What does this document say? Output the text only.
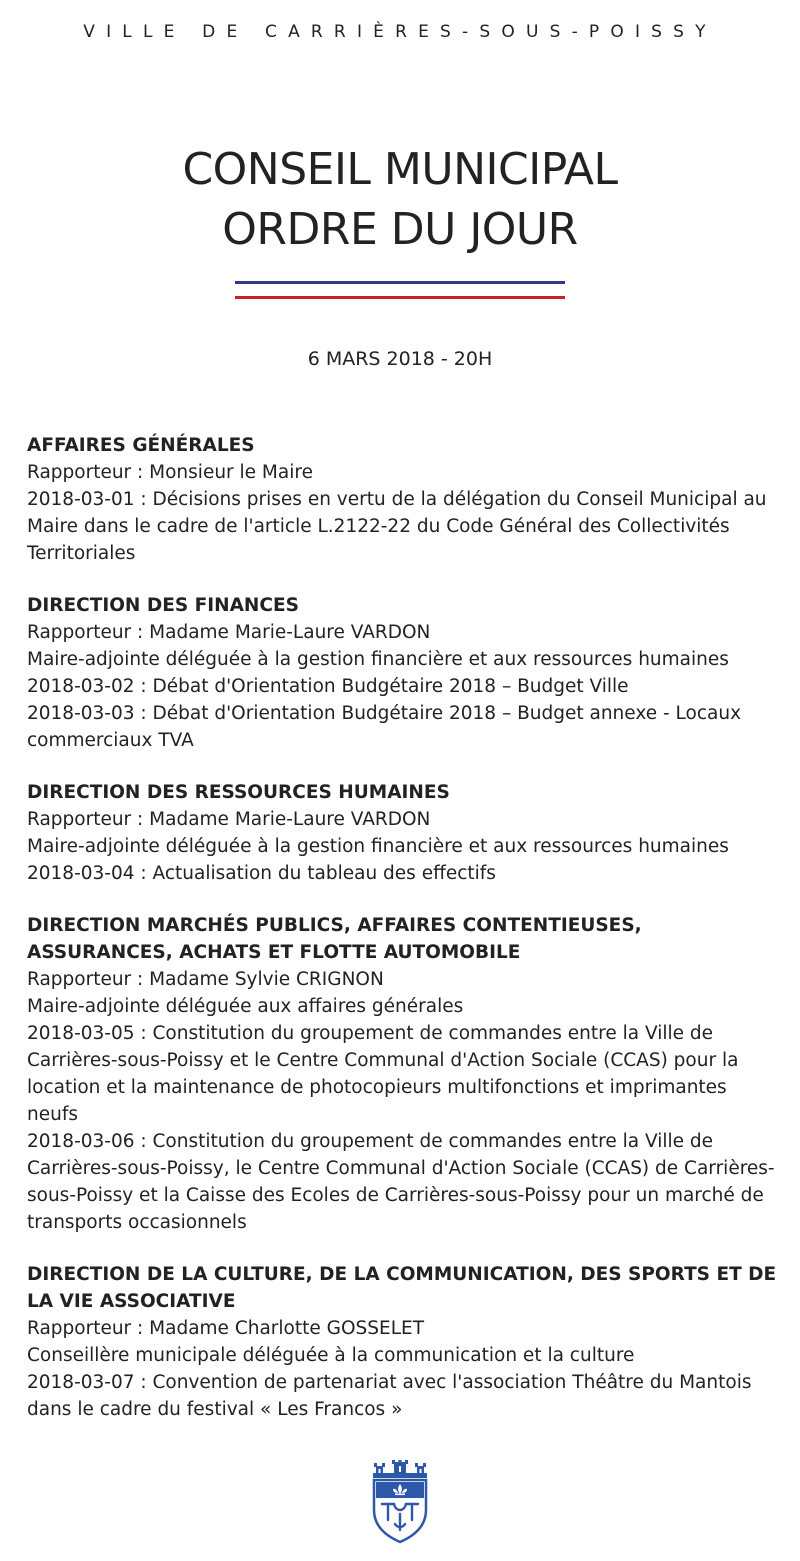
VILLE DE CARRIÈRES-SOUS-POISSY
CONSEIL MUNICIPAL
ORDRE DU JOUR
6 MARS 2018 - 20H
AFFAIRES GÉNÉRALES
Rapporteur : Monsieur le Maire
2018-03-01 : Décisions prises en vertu de la délégation du Conseil Municipal au Maire dans le cadre de l'article L.2122-22 du Code Général des Collectivités Territoriales
DIRECTION DES FINANCES
Rapporteur : Madame Marie-Laure VARDON
Maire-adjointe déléguée à la gestion financière et aux ressources humaines
2018-03-02 : Débat d'Orientation Budgétaire 2018 – Budget Ville
2018-03-03 : Débat d'Orientation Budgétaire 2018 – Budget annexe - Locaux commerciaux TVA
DIRECTION DES RESSOURCES HUMAINES
Rapporteur : Madame Marie-Laure VARDON
Maire-adjointe déléguée à la gestion financière et aux ressources humaines
2018-03-04 : Actualisation du tableau des effectifs
DIRECTION MARCHÉS PUBLICS, AFFAIRES CONTENTIEUSES, ASSURANCES, ACHATS ET FLOTTE AUTOMOBILE
Rapporteur : Madame Sylvie CRIGNON
Maire-adjointe déléguée aux affaires générales
2018-03-05 : Constitution du groupement de commandes entre la Ville de Carrières-sous-Poissy et le Centre Communal d'Action Sociale (CCAS) pour la location et la maintenance de photocopieurs multifonctions et imprimantes neufs
2018-03-06 : Constitution du groupement de commandes entre la Ville de Carrières-sous-Poissy, le Centre Communal d'Action Sociale (CCAS) de Carrières-sous-Poissy et la Caisse des Ecoles de Carrières-sous-Poissy pour un marché de transports occasionnels
DIRECTION DE LA CULTURE, DE LA COMMUNICATION, DES SPORTS ET DE LA VIE ASSOCIATIVE
Rapporteur : Madame Charlotte GOSSELET
Conseillère municipale déléguée à la communication et la culture
2018-03-07 : Convention de partenariat avec l'association Théâtre du Mantois dans le cadre du festival « Les Francos »
